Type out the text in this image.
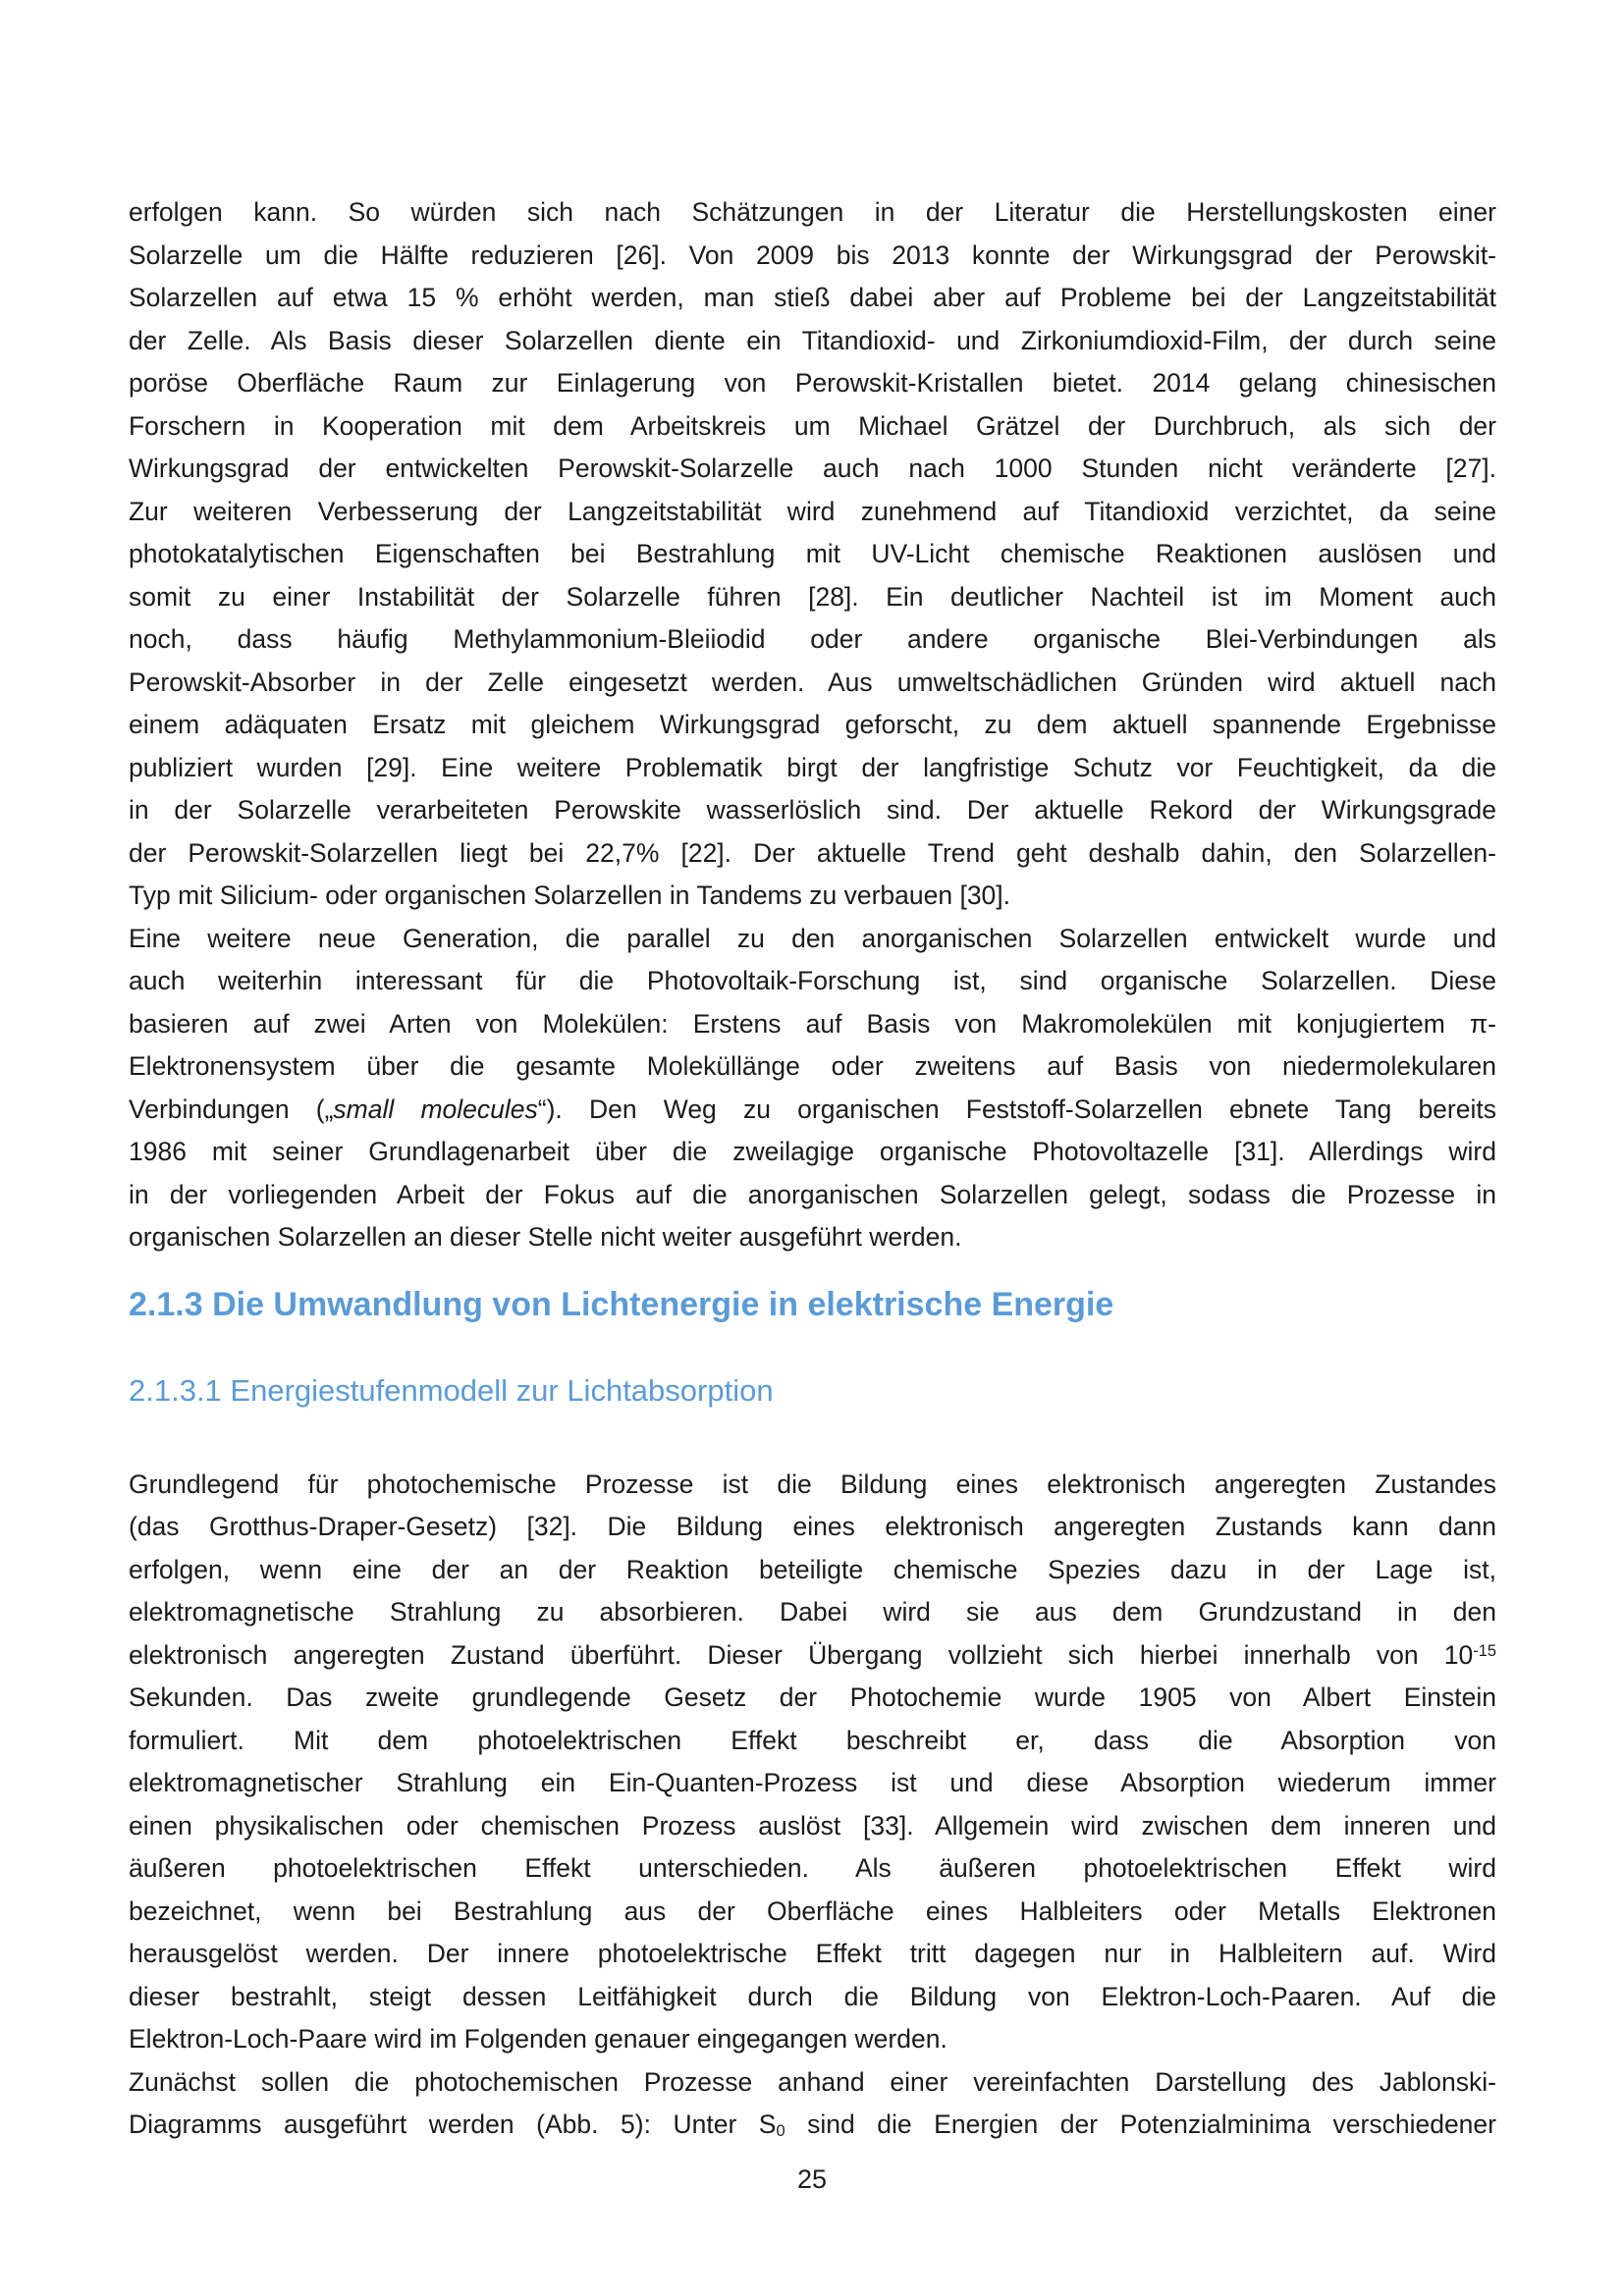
erfolgen kann. So würden sich nach Schätzungen in der Literatur die Herstellungskosten einer
Solarzelle um die Hälfte reduzieren [26]. Von 2009 bis 2013 konnte der Wirkungsgrad der Perowskit-
Solarzellen auf etwa 15 % erhöht werden, man stieß dabei aber auf Probleme bei der Langzeitstabilität
der Zelle. Als Basis dieser Solarzellen diente ein Titandioxid- und Zirkoniumdioxid-Film, der durch seine
poröse Oberfläche Raum zur Einlagerung von Perowskit-Kristallen bietet. 2014 gelang chinesischen
Forschern in Kooperation mit dem Arbeitskreis um Michael Grätzel der Durchbruch, als sich der
Wirkungsgrad der entwickelten Perowskit-Solarzelle auch nach 1000 Stunden nicht veränderte [27].
Zur weiteren Verbesserung der Langzeitstabilität wird zunehmend auf Titandioxid verzichtet, da seine
photokatalytischen Eigenschaften bei Bestrahlung mit UV-Licht chemische Reaktionen auslösen und
somit zu einer Instabilität der Solarzelle führen [28]. Ein deutlicher Nachteil ist im Moment auch
noch, dass häufig Methylammonium-Bleiiodid oder andere organische Blei-Verbindungen als
Perowskit-Absorber in der Zelle eingesetzt werden. Aus umweltschädlichen Gründen wird aktuell nach
einem adäquaten Ersatz mit gleichem Wirkungsgrad geforscht, zu dem aktuell spannende Ergebnisse
publiziert wurden [29]. Eine weitere Problematik birgt der langfristige Schutz vor Feuchtigkeit, da die
in der Solarzelle verarbeiteten Perowskite wasserlöslich sind. Der aktuelle Rekord der Wirkungsgrade
der Perowskit-Solarzellen liegt bei 22,7% [22]. Der aktuelle Trend geht deshalb dahin, den Solarzellen-
Typ mit Silicium- oder organischen Solarzellen in Tandems zu verbauen [30].
Eine weitere neue Generation, die parallel zu den anorganischen Solarzellen entwickelt wurde und
auch weiterhin interessant für die Photovoltaik-Forschung ist, sind organische Solarzellen. Diese
basieren auf zwei Arten von Molekülen: Erstens auf Basis von Makromolekülen mit konjugiertem π-
Elektronensystem über die gesamte Moleküllänge oder zweitens auf Basis von niedermolekularen
Verbindungen („small molecules“). Den Weg zu organischen Feststoff-Solarzellen ebnete Tang bereits
1986 mit seiner Grundlagenarbeit über die zweilagige organische Photovoltazelle [31]. Allerdings wird
in der vorliegenden Arbeit der Fokus auf die anorganischen Solarzellen gelegt, sodass die Prozesse in
organischen Solarzellen an dieser Stelle nicht weiter ausgeführt werden.
2.1.3 Die Umwandlung von Lichtenergie in elektrische Energie
2.1.3.1 Energiestufenmodell zur Lichtabsorption
Grundlegend für photochemische Prozesse ist die Bildung eines elektronisch angeregten Zustandes
(das Grotthus-Draper-Gesetz) [32]. Die Bildung eines elektronisch angeregten Zustands kann dann
erfolgen, wenn eine der an der Reaktion beteiligte chemische Spezies dazu in der Lage ist,
elektromagnetische Strahlung zu absorbieren. Dabei wird sie aus dem Grundzustand in den
elektronisch angeregten Zustand überführt. Dieser Übergang vollzieht sich hierbei innerhalb von $10^{-15}$
Sekunden. Das zweite grundlegende Gesetz der Photochemie wurde 1905 von Albert Einstein
formuliert. Mit dem photoelektrischen Effekt beschreibt er, dass die Absorption von
elektromagnetischer Strahlung ein Ein-Quanten-Prozess ist und diese Absorption wiederum immer
einen physikalischen oder chemischen Prozess auslöst [33]. Allgemein wird zwischen dem inneren und
äußeren photoelektrischen Effekt unterschieden. Als äußeren photoelektrischen Effekt wird
bezeichnet, wenn bei Bestrahlung aus der Oberfläche eines Halbleiters oder Metalls Elektronen
herausgelöst werden. Der innere photoelektrische Effekt tritt dagegen nur in Halbleitern auf. Wird
dieser bestrahlt, steigt dessen Leitfähigkeit durch die Bildung von Elektron-Loch-Paaren. Auf die
Elektron-Loch-Paare wird im Folgenden genauer eingegangen werden.
Zunächst sollen die photochemischen Prozesse anhand einer vereinfachten Darstellung des Jablonski-
Diagramms ausgeführt werden (Abb. 5): Unter $S_0$ sind die Energien der Potenzialminima verschiedener
25
